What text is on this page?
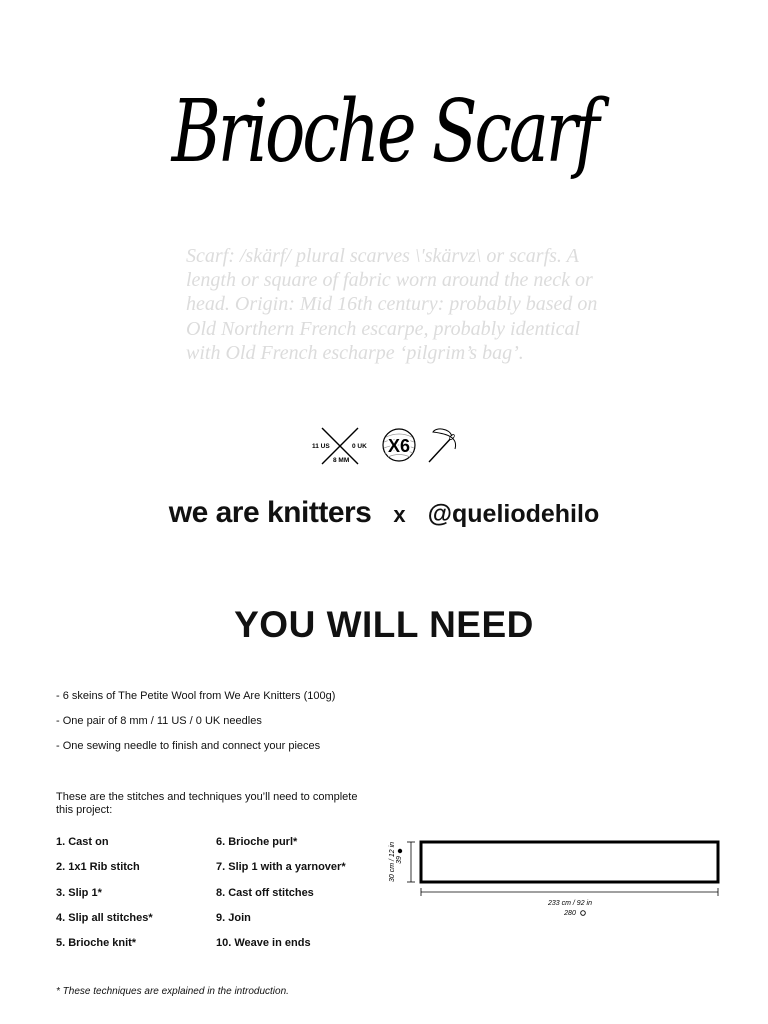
Brioche Scarf
Scarf: /skärf/ plural scarves \'skärvz\ or scarfs. A length or square of fabric worn around the neck or head. Origin: Mid 16th century: probably based on Old Northern French escarpe, probably identical with Old French escharpe ‘pilgrim’s bag’.
11 US	0 UK
8 MM
X6
we are knitters x @queliodehilo
YOU WILL NEED
- 6 skeins of The Petite Wool from We Are Knitters (100g)
- One pair of 8 mm / 11 US / 0 UK needles
- One sewing needle to finish and connect your pieces
These are the stitches and techniques you’ll need to complete this project:
1. Cast on
2. 1x1 Rib stitch
3. Slip 1*
4. Slip all stitches*
5. Brioche knit*
6. Brioche purl*
7. Slip 1 with a yarnover*
8. Cast off stitches
9. Join
10. Weave in ends
30 cm / 12 in 39
233 cm / 92 in
280
* These techniques are explained in the introduction.
